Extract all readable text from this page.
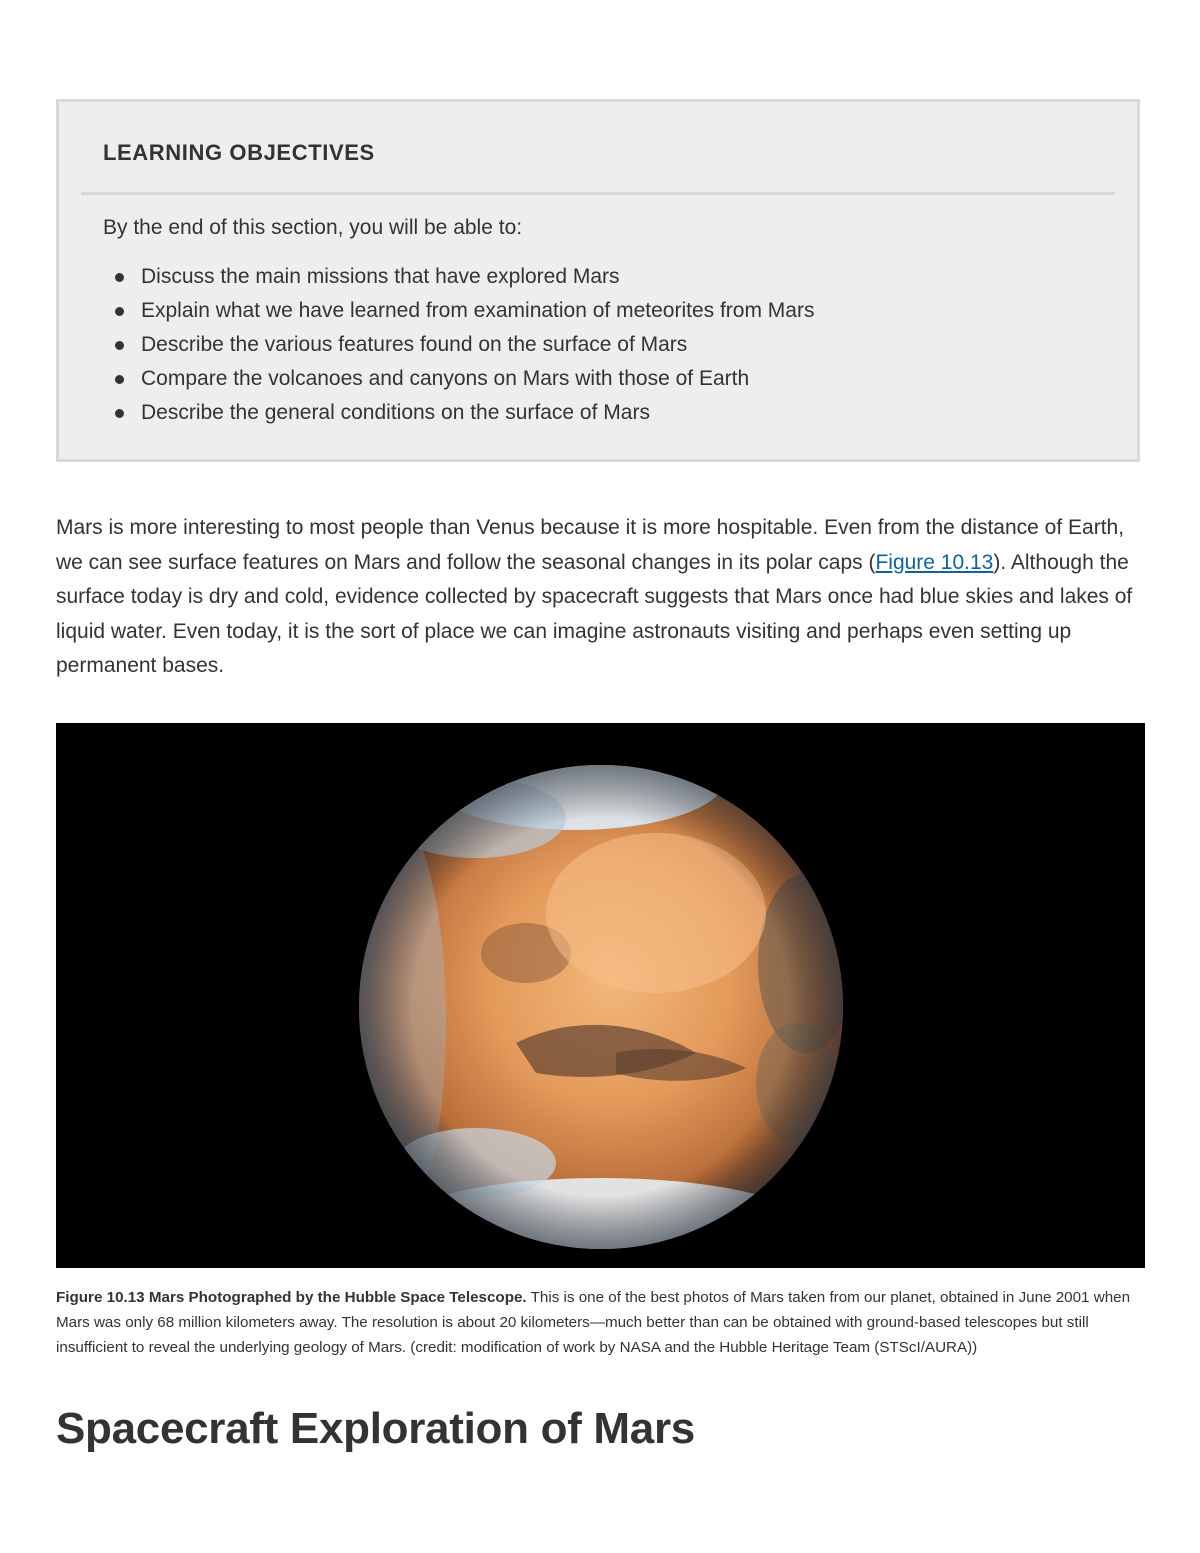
LEARNING OBJECTIVES

By the end of this section, you will be able to:

Discuss the main missions that have explored Mars
Explain what we have learned from examination of meteorites from Mars
Describe the various features found on the surface of Mars
Compare the volcanoes and canyons on Mars with those of Earth
Describe the general conditions on the surface of Mars

Mars is more interesting to most people than Venus because it is more hospitable. Even from the distance of Earth, we can see surface features on Mars and follow the seasonal changes in its polar caps (Figure 10.13). Although the surface today is dry and cold, evidence collected by spacecraft suggests that Mars once had blue skies and lakes of liquid water. Even today, it is the sort of place we can imagine astronauts visiting and perhaps even setting up permanent bases.

Figure 10.13 Mars Photographed by the Hubble Space Telescope. This is one of the best photos of Mars taken from our planet, obtained in June 2001 when Mars was only 68 million kilometers away. The resolution is about 20 kilometers—much better than can be obtained with ground-based telescopes but still insufficient to reveal the underlying geology of Mars. (credit: modification of work by NASA and the Hubble Heritage Team (STScI/AURA))

Spacecraft Exploration of Mars
